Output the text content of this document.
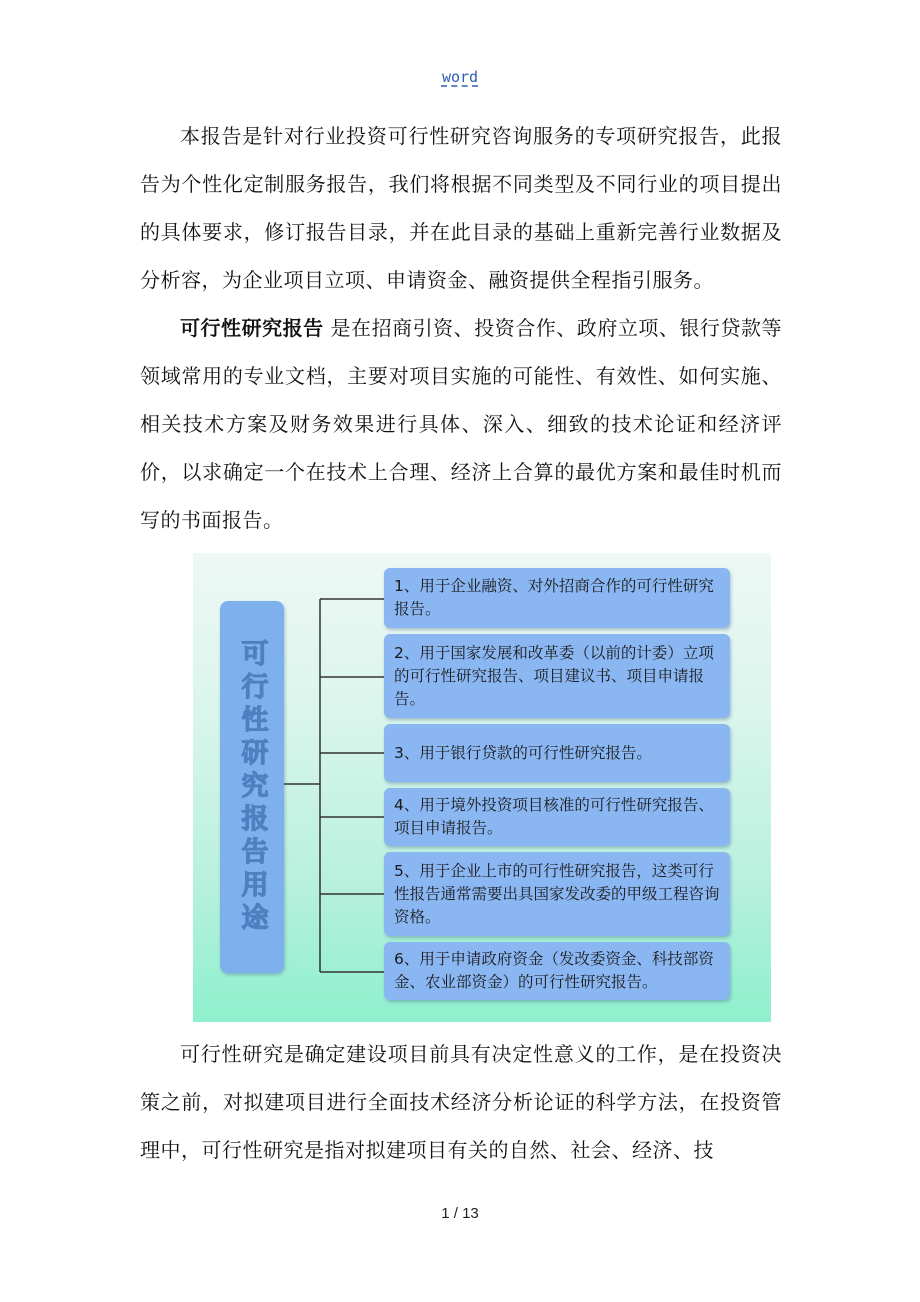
word

本报告是针对行业投资可行性研究咨询服务的专项研究报告，此报告为个性化定制服务报告，我们将根据不同类型及不同行业的项目提出的具体要求，修订报告目录，并在此目录的基础上重新完善行业数据及分析容，为企业项目立项、申请资金、融资提供全程指引服务。

可行性研究报告 是在招商引资、投资合作、政府立项、银行贷款等领域常用的专业文档，主要对项目实施的可能性、有效性、如何实施、相关技术方案及财务效果进行具体、深入、细致的技术论证和经济评价，以求确定一个在技术上合理、经济上合算的最优方案和最佳时机而写的书面报告。

可行性研究报告用途
1、用于企业融资、对外招商合作的可行性研究报告。
2、用于国家发展和改革委（以前的计委）立项的可行性研究报告、项目建议书、项目申请报告。
3、用于银行贷款的可行性研究报告。
4、用于境外投资项目核准的可行性研究报告、项目申请报告。
5、用于企业上市的可行性研究报告，这类可行性报告通常需要出具国家发改委的甲级工程咨询资格。
6、用于申请政府资金（发改委资金、科技部资金、农业部资金）的可行性研究报告。

可行性研究是确定建设项目前具有决定性意义的工作，是在投资决策之前，对拟建项目进行全面技术经济分析论证的科学方法，在投资管理中，可行性研究是指对拟建项目有关的自然、社会、经济、技

1 / 13
